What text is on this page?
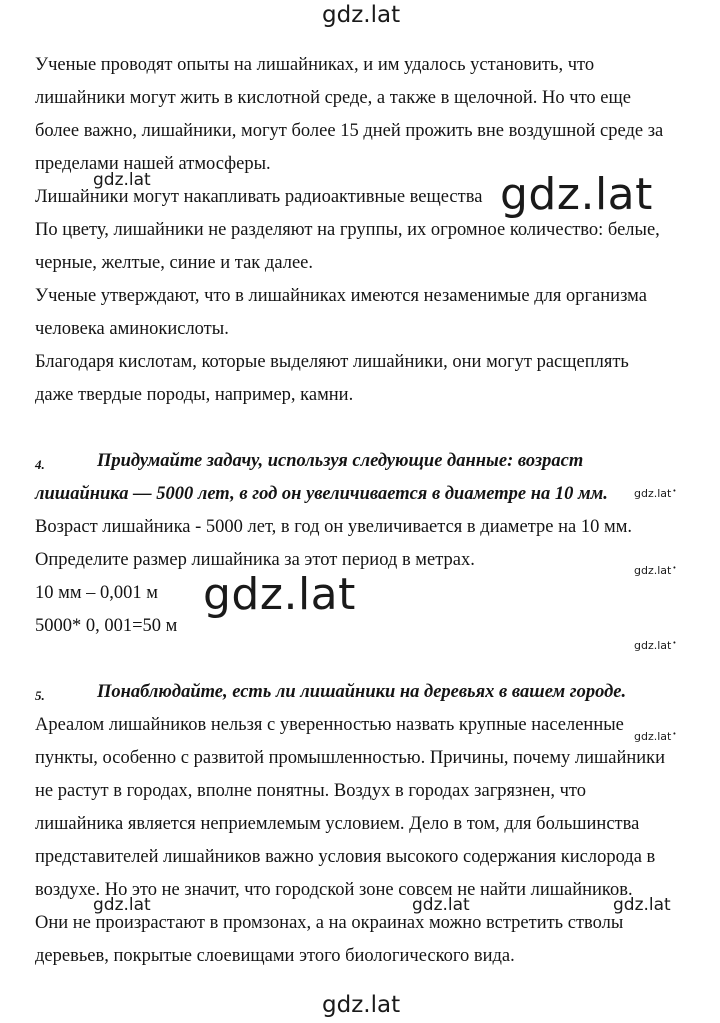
gdz.lat
Ученые проводят опыты на лишайниках, и им удалось установить, что
лишайники могут жить в кислотной среде, а также в щелочной. Но что еще
более важно, лишайники, могут более 15 дней прожить вне воздушной среде за
пределами нашей атмосферы.
Лишайники могут накапливать радиоактивные вещества
По цвету, лишайники не разделяют на группы, их огромное количество: белые,
черные, желтые, синие и так далее.
Ученые утверждают, что в лишайниках имеются незаменимые для организма
человека аминокислоты.
Благодаря кислотам, которые выделяют лишайники, они могут расщеплять
даже твердые породы, например, камни.
gdz.lat	gdz.lat
4.	Придумайте задачу, используя следующие данные: возраст
лишайника — 5000 лет, в год он увеличивается в диаметре на 10 мм. gdz.lat •
Возраст лишайника - 5000 лет, в год он увеличивается в диаметре на 10 мм.
Определите размер лишайника за этот период в метрах.
gdz.lat •
10 мм – 0,001 м
5000* 0, 001=50 м
gdz.lat
gdz.lat •
5.	Понаблюдайте, есть ли лишайники на деревьях в вашем городе.
Ареалом лишайников нельзя с уверенностью назвать крупные населенные
gdz.lat •
пункты, особенно с развитой промышленностью. Причины, почему лишайники
не растут в городах, вполне понятны. Воздух в городах загрязнен, что
лишайника является неприемлемым условием. Дело в том, для большинства
представителей лишайников важно условия высокого содержания кислорода в
воздухе. Но это не значит, что городской зоне совсем не найти лишайников.
gdz.lat	gdz.lat	gdz.lat
Они не произрастают в промзонах, а на окраинах можно встретить стволы
деревьев, покрытые слоевищами этого биологического вида.
gdz.lat
